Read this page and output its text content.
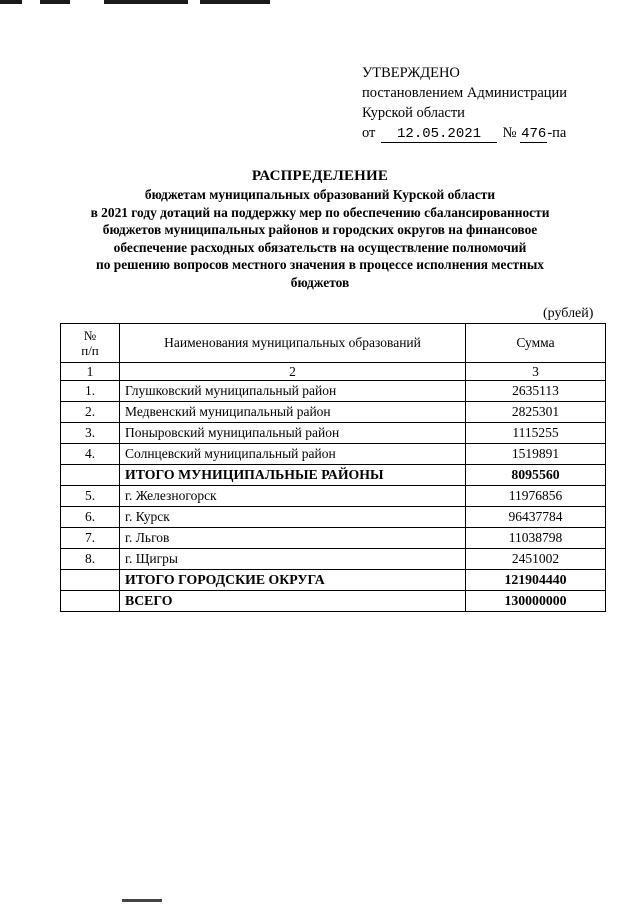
УТВЕРЖДЕНО
постановлением Администрации
Курской области
от 12.05.2021 № 476-па
РАСПРЕДЕЛЕНИЕ
бюджетам муниципальных образований Курской области
в 2021 году дотаций на поддержку мер по обеспечению сбалансированности
бюджетов муниципальных районов и городских округов на финансовое
обеспечение расходных обязательств на осуществление полномочий
по решению вопросов местного значения в процессе исполнения местных
бюджетов
(рублей)
№
п/п	Наименования муниципальных образований	Сумма
1	2	3
1.	Глушковский муниципальный район	2635113
2.	Медвенский муниципальный район	2825301
3.	Поныровский муниципальный район	1115255
4.	Солнцевский муниципальный район	1519891
	ИТОГО МУНИЦИПАЛЬНЫЕ РАЙОНЫ	8095560
5.	г. Железногорск	11976856
6.	г. Курск	96437784
7.	г. Льгов	11038798
8.	г. Щигры	2451002
	ИТОГО ГОРОДСКИЕ ОКРУГА	121904440
	ВСЕГО	130000000
